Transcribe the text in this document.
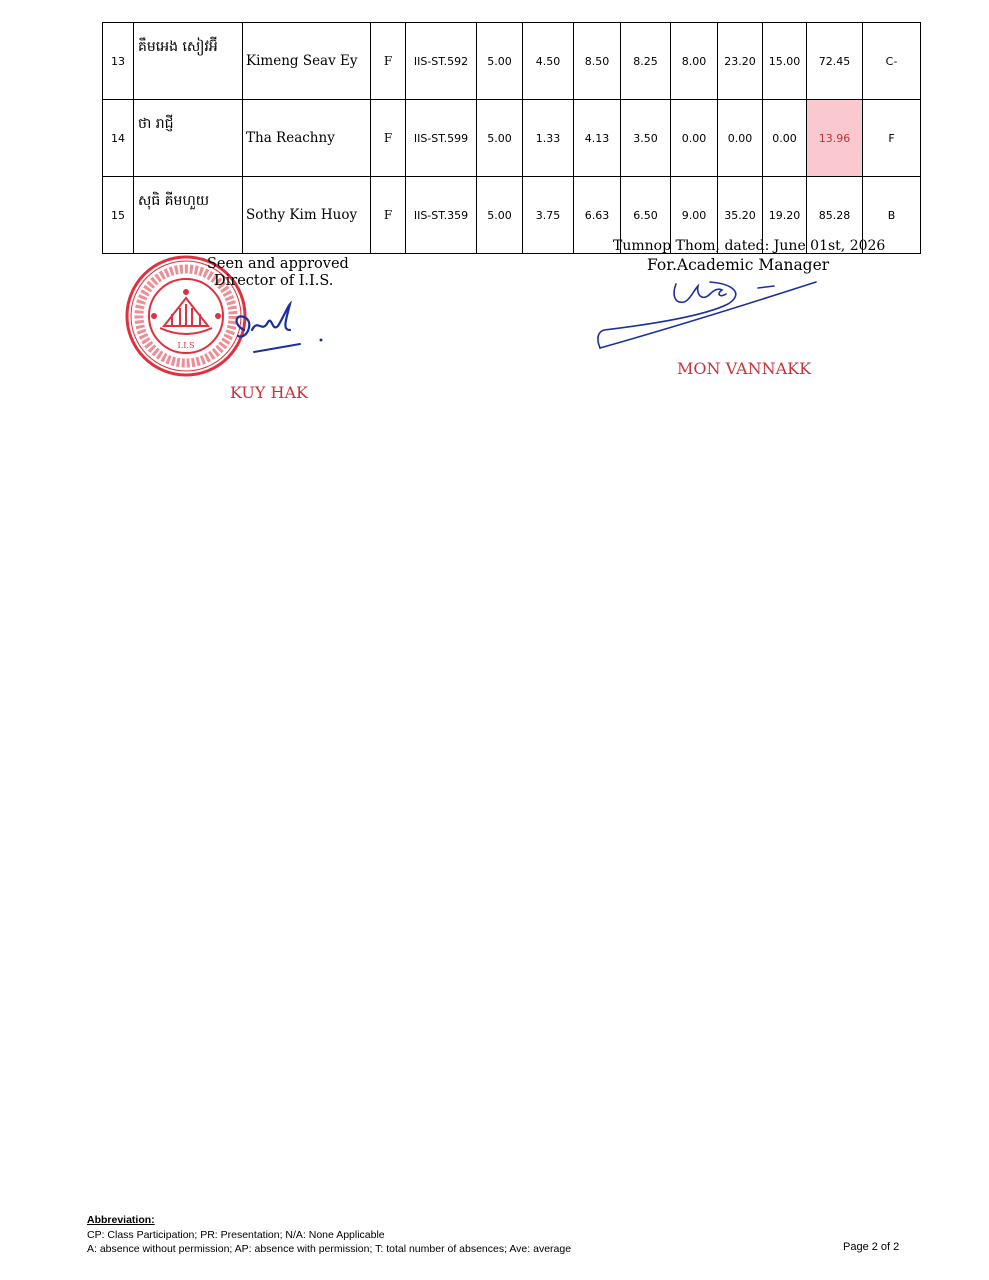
13	គឹមអេង សៀវអ៊ី	Kimeng Seav Ey	F	IIS-ST.592	5.00	4.50	8.50	8.25	8.00	23.20	15.00	72.45	C-
14	ថា រាជ្ញី	Tha Reachny	F	IIS-ST.599	5.00	1.33	4.13	3.50	0.00	0.00	0.00	13.96	F
15	សុធិ គីមហួយ	Sothy Kim Huoy	F	IIS-ST.359	5.00	3.75	6.63	6.50	9.00	35.20	19.20	85.28	B
I.I.S
Seen and approved
Director of I.I.S.
KUY HAK
Tumnop Thom, dated: June 01st, 2026
For.Academic Manager
MON VANNAKK
Abbreviation:
CP: Class Participation; PR: Presentation; N/A: None Applicable
A: absence without permission; AP: absence with permission; T: total number of absences; Ave: average	Page 2 of 2
